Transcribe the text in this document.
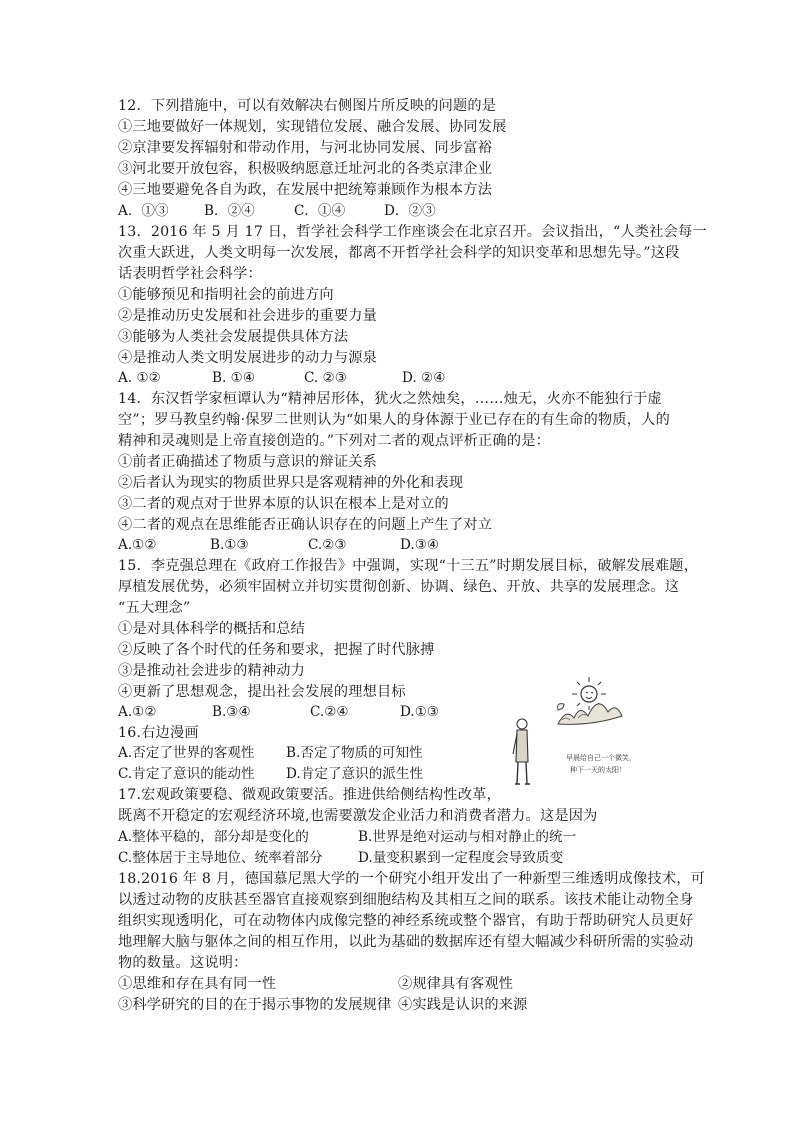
12．下列措施中，可以有效解决右侧图片所反映的问题的是
①三地要做好一体规划，实现错位发展、融合发展、协同发展
②京津要发挥辐射和带动作用，与河北协同发展、同步富裕
③河北要开放包容，积极吸纳愿意迁址河北的各类京津企业
④三地要避免各自为政，在发展中把统筹兼顾作为根本方法
A．①③	B．②④	C．①④	D．②③
13．2016 年 5 月 17 日，哲学社会科学工作座谈会在北京召开。会议指出，“人类社会每一
次重大跃进，人类文明每一次发展，都离不开哲学社会科学的知识变革和思想先导。”这段
话表明哲学社会科学：
①能够预见和指明社会的前进方向
②是推动历史发展和社会进步的重要力量
③能够为人类社会发展提供具体方法
④是推动人类文明发展进步的动力与源泉
A. ①②	B. ①④	C. ②③	D. ②④
14．东汉哲学家桓谭认为“精神居形体，犹火之然烛矣，……烛无，火亦不能独行于虚
空”；罗马教皇约翰·保罗二世则认为“如果人的身体源于业已存在的有生命的物质，人的
精神和灵魂则是上帝直接创造的。”下列对二者的观点评析正确的是：
①前者正确描述了物质与意识的辩证关系
②后者认为现实的物质世界只是客观精神的外化和表现
③二者的观点对于世界本原的认识在根本上是对立的
④二者的观点在思维能否正确认识存在的问题上产生了对立
A.①②	B.①③	C.②③	D.③④
15．李克强总理在《政府工作报告》中强调，实现“十三五”时期发展目标，破解发展难题，
厚植发展优势，必须牢固树立并切实贯彻创新、协调、绿色、开放、共享的发展理念。这
“五大理念”
①是对具体科学的概括和总结
②反映了各个时代的任务和要求，把握了时代脉搏
③是推动社会进步的精神动力
④更新了思想观念，提出社会发展的理想目标
A.①②	B.③④	C.②④	D.①③
16.右边漫画
A.否定了世界的客观性 B.否定了物质的可知性
C.肯定了意识的能动性 D.肯定了意识的派生性
早晨给自己一个微笑，
种下一天的太阳！
17.宏观政策要稳、微观政策要活。推进供给侧结构性改革，
既离不开稳定的宏观经济环境,也需要激发企业活力和消费者潜力。这是因为
A.整体平稳的，部分却是变化的	B.世界是绝对运动与相对静止的统一
C.整体居于主导地位、统率着部分	D.量变积累到一定程度会导致质变
18.2016 年 8 月，德国慕尼黑大学的一个研究小组开发出了一种新型三维透明成像技术，可
以透过动物的皮肤甚至器官直接观察到细胞结构及其相互之间的联系。该技术能让动物全身
组织实现透明化，可在动物体内成像完整的神经系统或整个器官，有助于帮助研究人员更好
地理解大脑与躯体之间的相互作用，以此为基础的数据库还有望大幅减少科研所需的实验动
物的数量。这说明：
①思维和存在具有同一性	②规律具有客观性
③科学研究的目的在于揭示事物的发展规律 ④实践是认识的来源
